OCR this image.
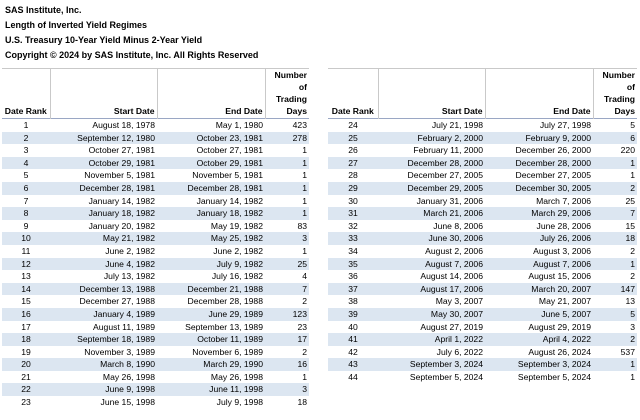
SAS Institute, Inc.
Length of Inverted Yield Regimes
U.S. Treasury 10-Year Yield Minus 2-Year Yield
Copyright © 2024 by SAS Institute, Inc. All Rights Reserved
Date Rank	Start Date	End Date	Number
of Trading
Days
1	August 18, 1978	May 1, 1980	423
2	September 12, 1980	October 23, 1981	278
3	October 27, 1981	October 27, 1981	1
4	October 29, 1981	October 29, 1981	1
5	November 5, 1981	November 5, 1981	1
6	December 28, 1981	December 28, 1981	1
7	January 14, 1982	January 14, 1982	1
8	January 18, 1982	January 18, 1982	1
9	January 20, 1982	May 19, 1982	83
10	May 21, 1982	May 25, 1982	3
11	June 2, 1982	June 2, 1982	1
12	June 4, 1982	July 9, 1982	25
13	July 13, 1982	July 16, 1982	4
14	December 13, 1988	December 21, 1988	7
15	December 27, 1988	December 28, 1988	2
16	January 4, 1989	June 29, 1989	123
17	August 11, 1989	September 13, 1989	23
18	September 18, 1989	October 11, 1989	17
19	November 3, 1989	November 6, 1989	2
20	March 8, 1990	March 29, 1990	16
21	May 26, 1998	May 26, 1998	1
22	June 9, 1998	June 11, 1998	3
23	June 15, 1998	July 9, 1998	18
Date Rank	Start Date	End Date	Number
of Trading
Days
24	July 21, 1998	July 27, 1998	5
25	February 2, 2000	February 9, 2000	6
26	February 11, 2000	December 26, 2000	220
27	December 28, 2000	December 28, 2000	1
28	December 27, 2005	December 27, 2005	1
29	December 29, 2005	December 30, 2005	2
30	January 31, 2006	March 7, 2006	25
31	March 21, 2006	March 29, 2006	7
32	June 8, 2006	June 28, 2006	15
33	June 30, 2006	July 26, 2006	18
34	August 2, 2006	August 3, 2006	2
35	August 7, 2006	August 7, 2006	1
36	August 14, 2006	August 15, 2006	2
37	August 17, 2006	March 20, 2007	147
38	May 3, 2007	May 21, 2007	13
39	May 30, 2007	June 5, 2007	5
40	August 27, 2019	August 29, 2019	3
41	April 1, 2022	April 4, 2022	2
42	July 6, 2022	August 26, 2024	537
43	September 3, 2024	September 3, 2024	1
44	September 5, 2024	September 5, 2024	1
